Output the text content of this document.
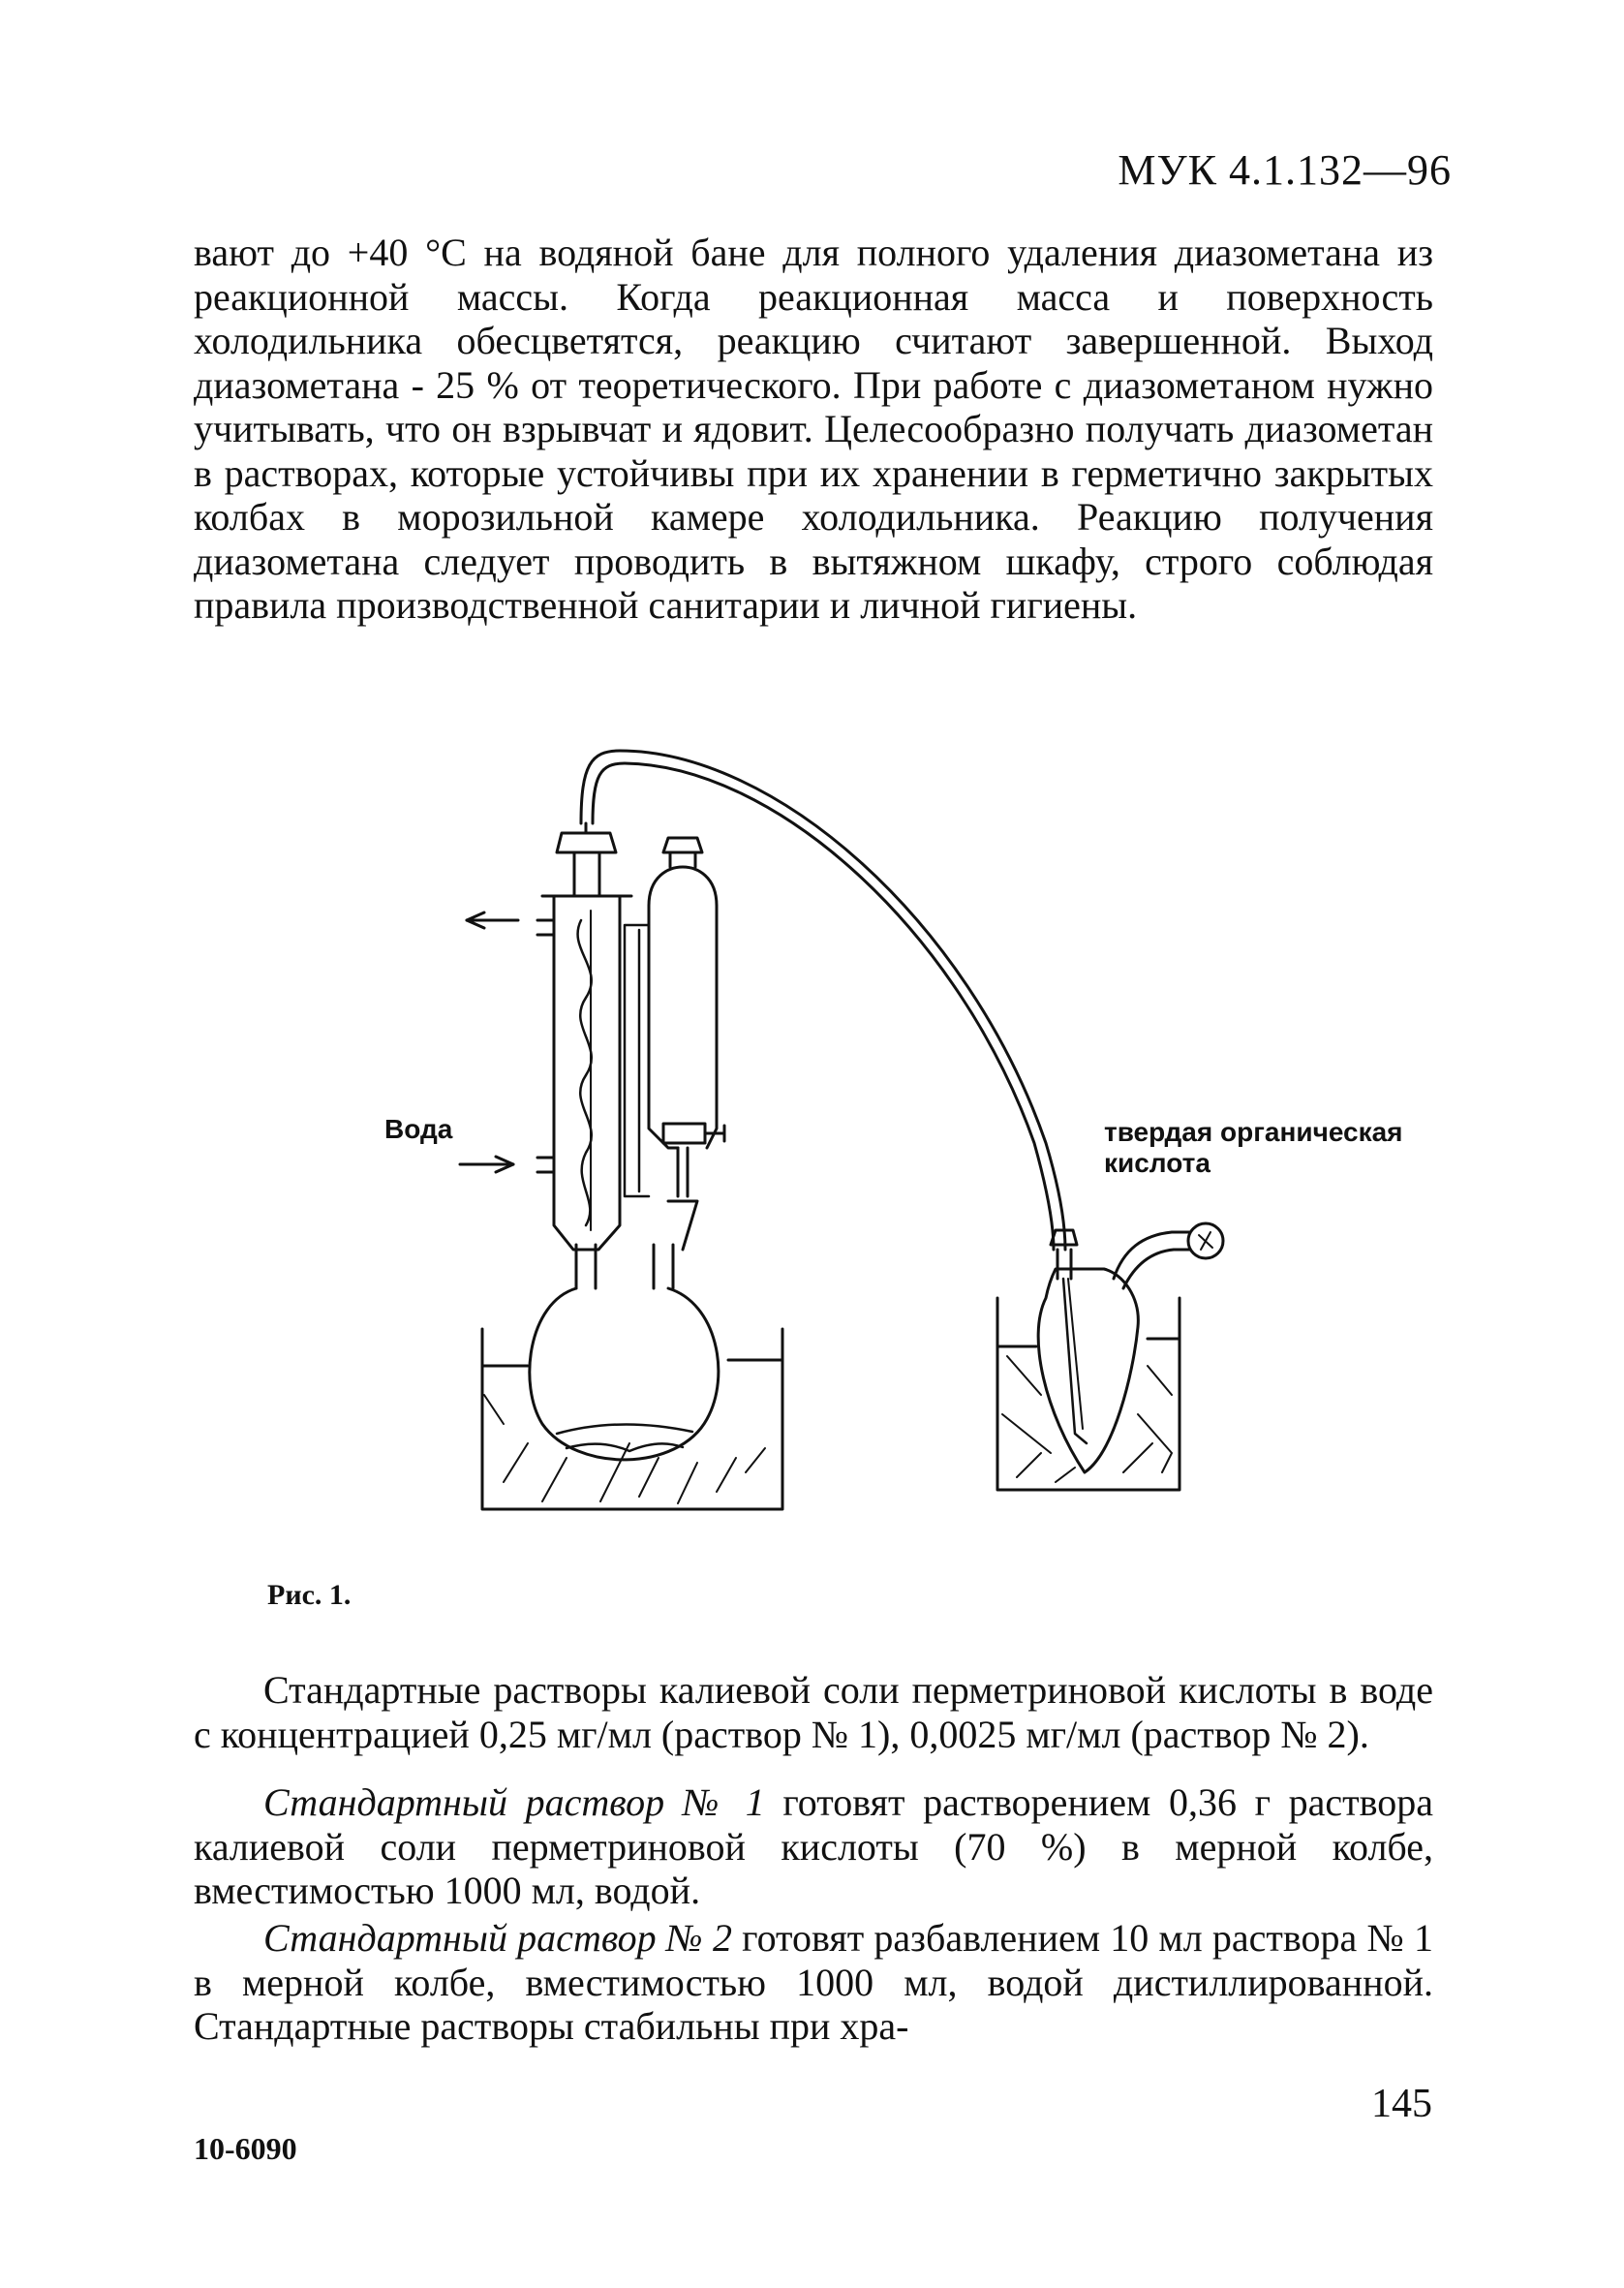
МУК 4.1.132—96

вают до +40 °С на водяной бане для полного удаления диазометана из реакционной массы. Когда реакционная масса и поверхность холодильника обесцветятся, реакцию считают завершенной. Выход диазометана - 25 % от теоретического. При работе с диазометаном нужно учитывать, что он взрывчат и ядовит. Целесообразно получать диазометан в растворах, которые устойчивы при их хранении в герметично закрытых колбах в морозильной камере холодильника. Реакцию получения диазометана следует проводить в вытяжном шкафу, строго соблюдая правила производственной санитарии и личной гигиены.

Вода	твердая органическая кислота
Рис. 1.

Стандартные растворы калиевой соли перметриновой кислоты в воде с концентрацией 0,25 мг/мл (раствор № 1), 0,0025 мг/мл (раствор № 2).

Стандартный раствор № 1 готовят растворением 0,36 г раствора калиевой соли перметриновой кислоты (70 %) в мерной колбе, вместимостью 1000 мл, водой.

Стандартный раствор № 2 готовят разбавлением 10 мл раствора № 1 в мерной колбе, вместимостью 1000 мл, водой дистиллированной. Стандартные растворы стабильны при хра-

145
10-6090
